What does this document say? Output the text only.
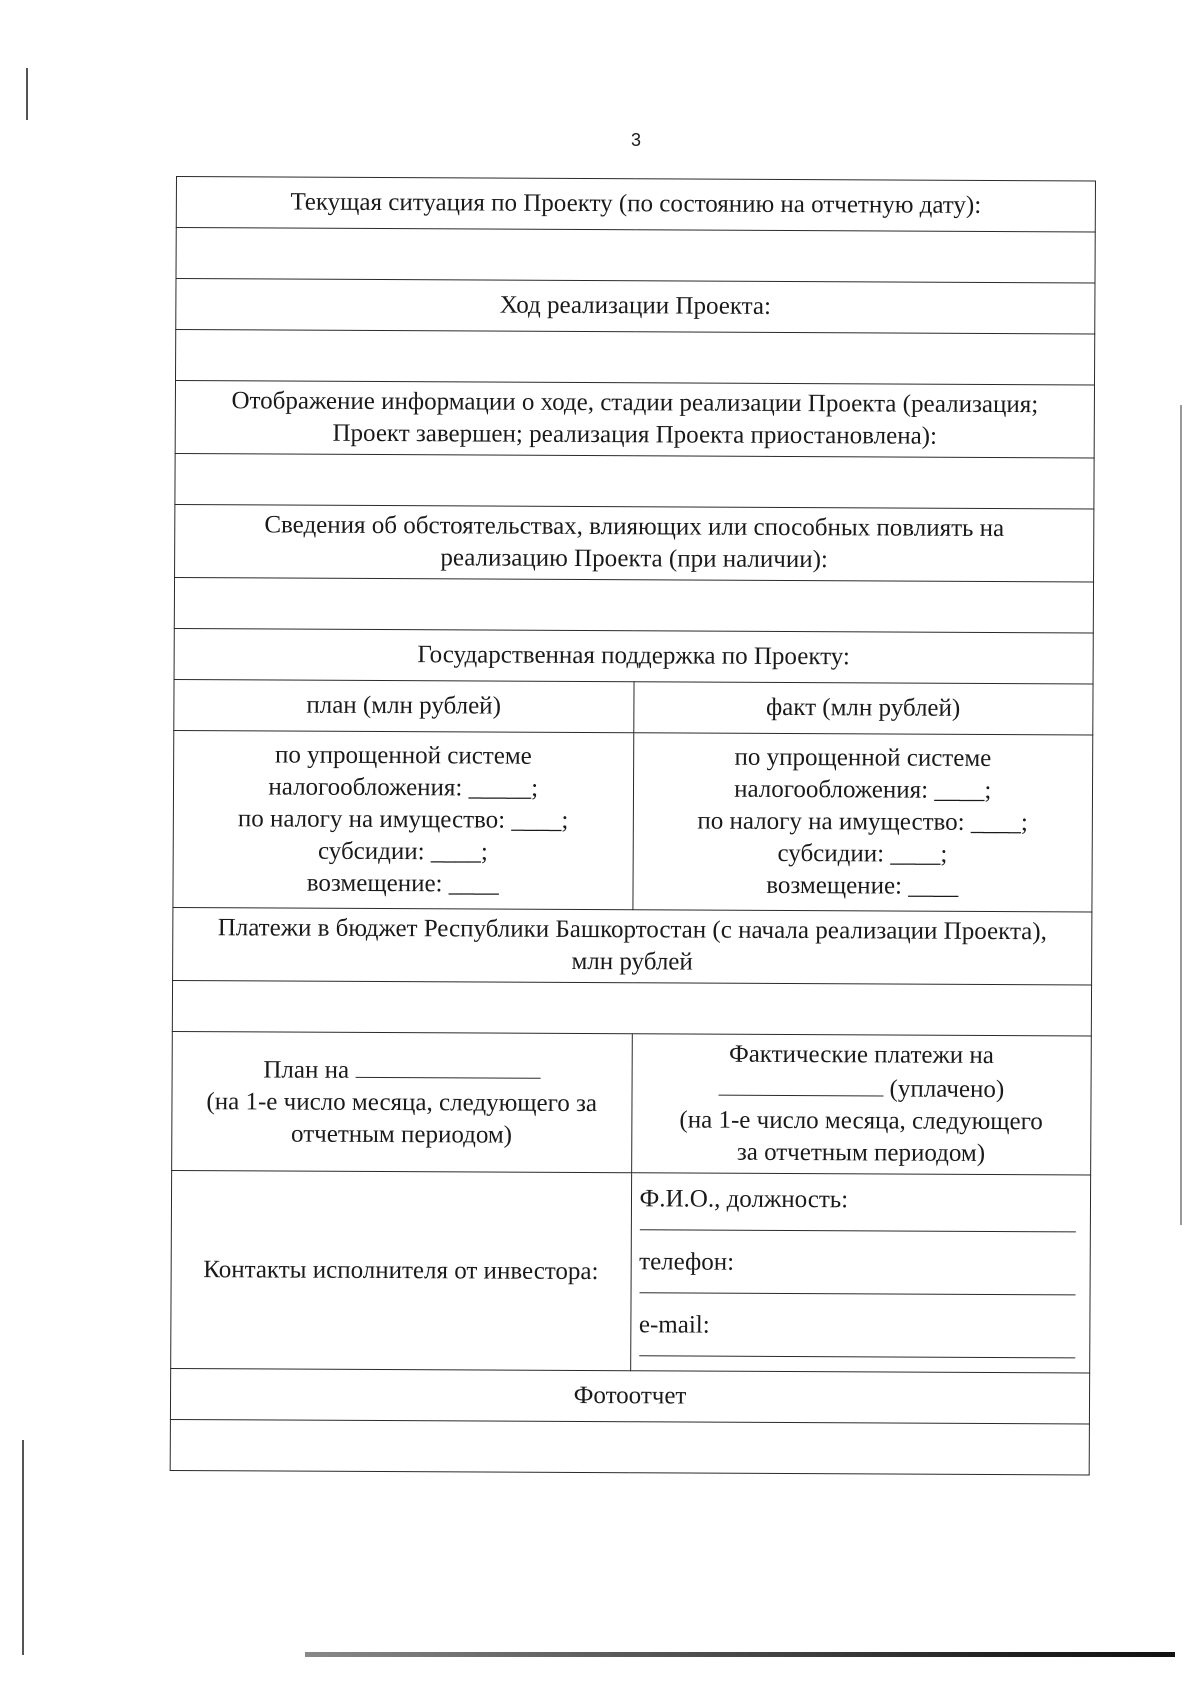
3
Текущая ситуация по Проекту (по состоянию на отчетную дату):	

Ход реализации Проекта:	

Отображение информации о ходе, стадии реализации Проекта (реализация;
Проект завершен; реализация Проекта приостановлена):	

Сведения об обстоятельствах, влияющих или способных повлиять на
реализацию Проекта (при наличии):	

Государственная поддержка по Проекту:	
план (млн рублей)	факт (млн рублей)

по упрощенной системе
налогообложения: _____;
по налогу на имущество: ____;
субсидии: ____;
возмещение: ____	по упрощенной системе
налогообложения: ____;
по налогу на имущество: ____;
субсидии: ____;
возмещение: ____

Платежи в бюджет Республики Башкортостан (с начала реализации Проекта),
млн рублей	

План на
(на 1-е число месяца, следующего за
отчетным периодом)	Фактические платежи на
(уплачено)
(на 1-е число месяца, следующего
за отчетным периодом)

Контакты исполнителя от инвестора:	Ф.И.О., должность:
телефон:
e-mail:

Фотоотчет	
